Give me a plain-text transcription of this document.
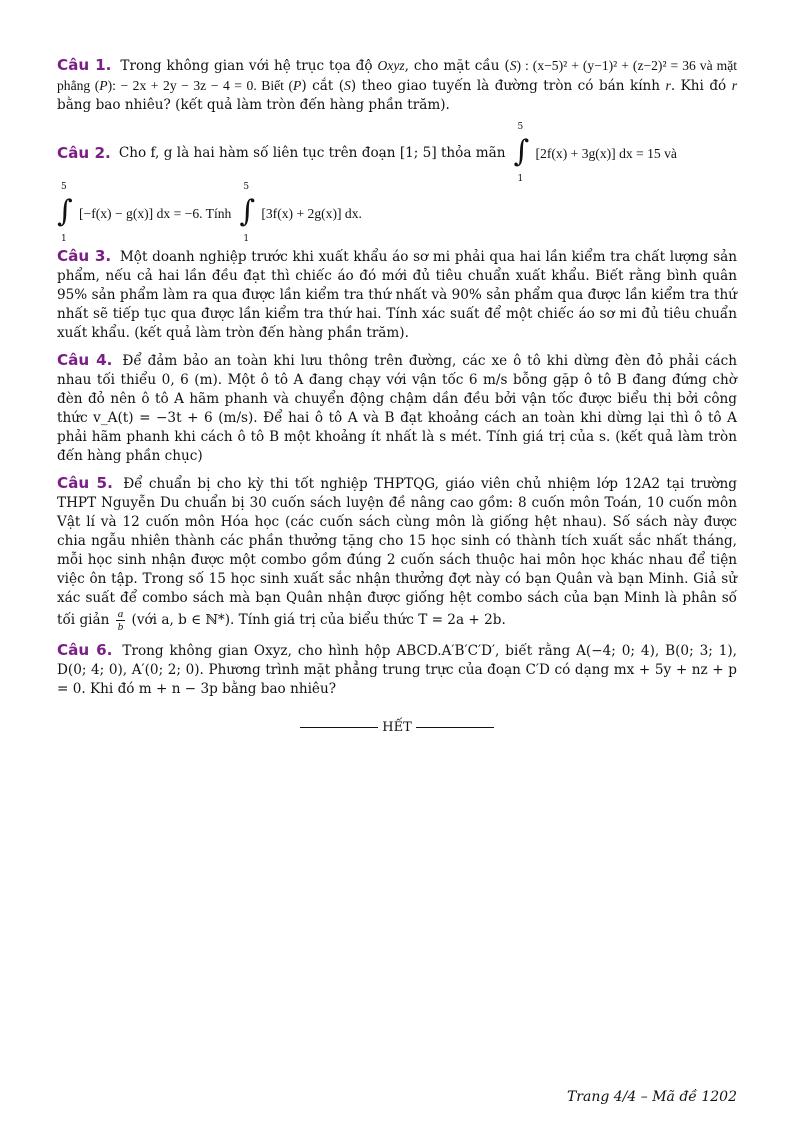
Câu 1. Trong không gian với hệ trục tọa độ Oxyz, cho mặt cầu (S) : (x−5)² + (y−1)² + (z−2)² = 36 và mặt phẳng (P): − 2x + 2y − 3z − 4 = 0. Biết (P) cắt (S) theo giao tuyến là đường tròn có bán kính r. Khi đó r bằng bao nhiêu? (kết quả làm tròn đến hàng phần trăm).
Câu 2. Cho f, g là hai hàm số liên tục trên đoạn [1; 5] thỏa mãn
5
∫
1
[2f(x) + 3g(x)] dx = 15 và
5
∫
1
[−f(x) − g(x)] dx = −6. Tính
5
∫
1
[3f(x) + 2g(x)] dx.
Câu 3. Một doanh nghiệp trước khi xuất khẩu áo sơ mi phải qua hai lần kiểm tra chất lượng sản phẩm, nếu cả hai lần đều đạt thì chiếc áo đó mới đủ tiêu chuẩn xuất khẩu. Biết rằng bình quân 95% sản phẩm làm ra qua được lần kiểm tra thứ nhất và 90% sản phẩm qua được lần kiểm tra thứ nhất sẽ tiếp tục qua được lần kiểm tra thứ hai. Tính xác suất để một chiếc áo sơ mi đủ tiêu chuẩn xuất khẩu. (kết quả làm tròn đến hàng phần trăm).
Câu 4. Để đảm bảo an toàn khi lưu thông trên đường, các xe ô tô khi dừng đèn đỏ phải cách nhau tối thiểu 0, 6 (m). Một ô tô A đang chạy với vận tốc 6 m/s bỗng gặp ô tô B đang đứng chờ đèn đỏ nên ô tô A hãm phanh và chuyển động chậm dần đều bởi vận tốc được biểu thị bởi công thức v_A(t) = −3t + 6 (m/s). Để hai ô tô A và B đạt khoảng cách an toàn khi dừng lại thì ô tô A phải hãm phanh khi cách ô tô B một khoảng ít nhất là s mét. Tính giá trị của s. (kết quả làm tròn đến hàng phần chục)
Câu 5. Để chuẩn bị cho kỳ thi tốt nghiệp THPTQG, giáo viên chủ nhiệm lớp 12A2 tại trường THPT Nguyễn Du chuẩn bị 30 cuốn sách luyện đề nâng cao gồm: 8 cuốn môn Toán, 10 cuốn môn Vật lí và 12 cuốn môn Hóa học (các cuốn sách cùng môn là giống hệt nhau). Số sách này được chia ngẫu nhiên thành các phần thưởng tặng cho 15 học sinh có thành tích xuất sắc nhất tháng, mỗi học sinh nhận được một combo gồm đúng 2 cuốn sách thuộc hai môn học khác nhau để tiện việc ôn tập. Trong số 15 học sinh xuất sắc nhận thưởng đợt này có bạn Quân và bạn Minh. Giả sử xác suất để combo sách mà bạn Quân nhận được giống hệt combo sách của bạn Minh là phân số tối giản $\frac{a}{b}$ (với a, b ∈ ℕ*). Tính giá trị của biểu thức T = 2a + 2b.
Câu 6. Trong không gian Oxyz, cho hình hộp ABCD.A′B′C′D′, biết rằng A(−4; 0; 4), B(0; 3; 1), D(0; 4; 0), A′(0; 2; 0). Phương trình mặt phẳng trung trực của đoạn C′D có dạng mx + 5y + nz + p = 0. Khi đó m + n − 3p bằng bao nhiêu?
HẾT
Trang 4/4 – Mã đề 1202
